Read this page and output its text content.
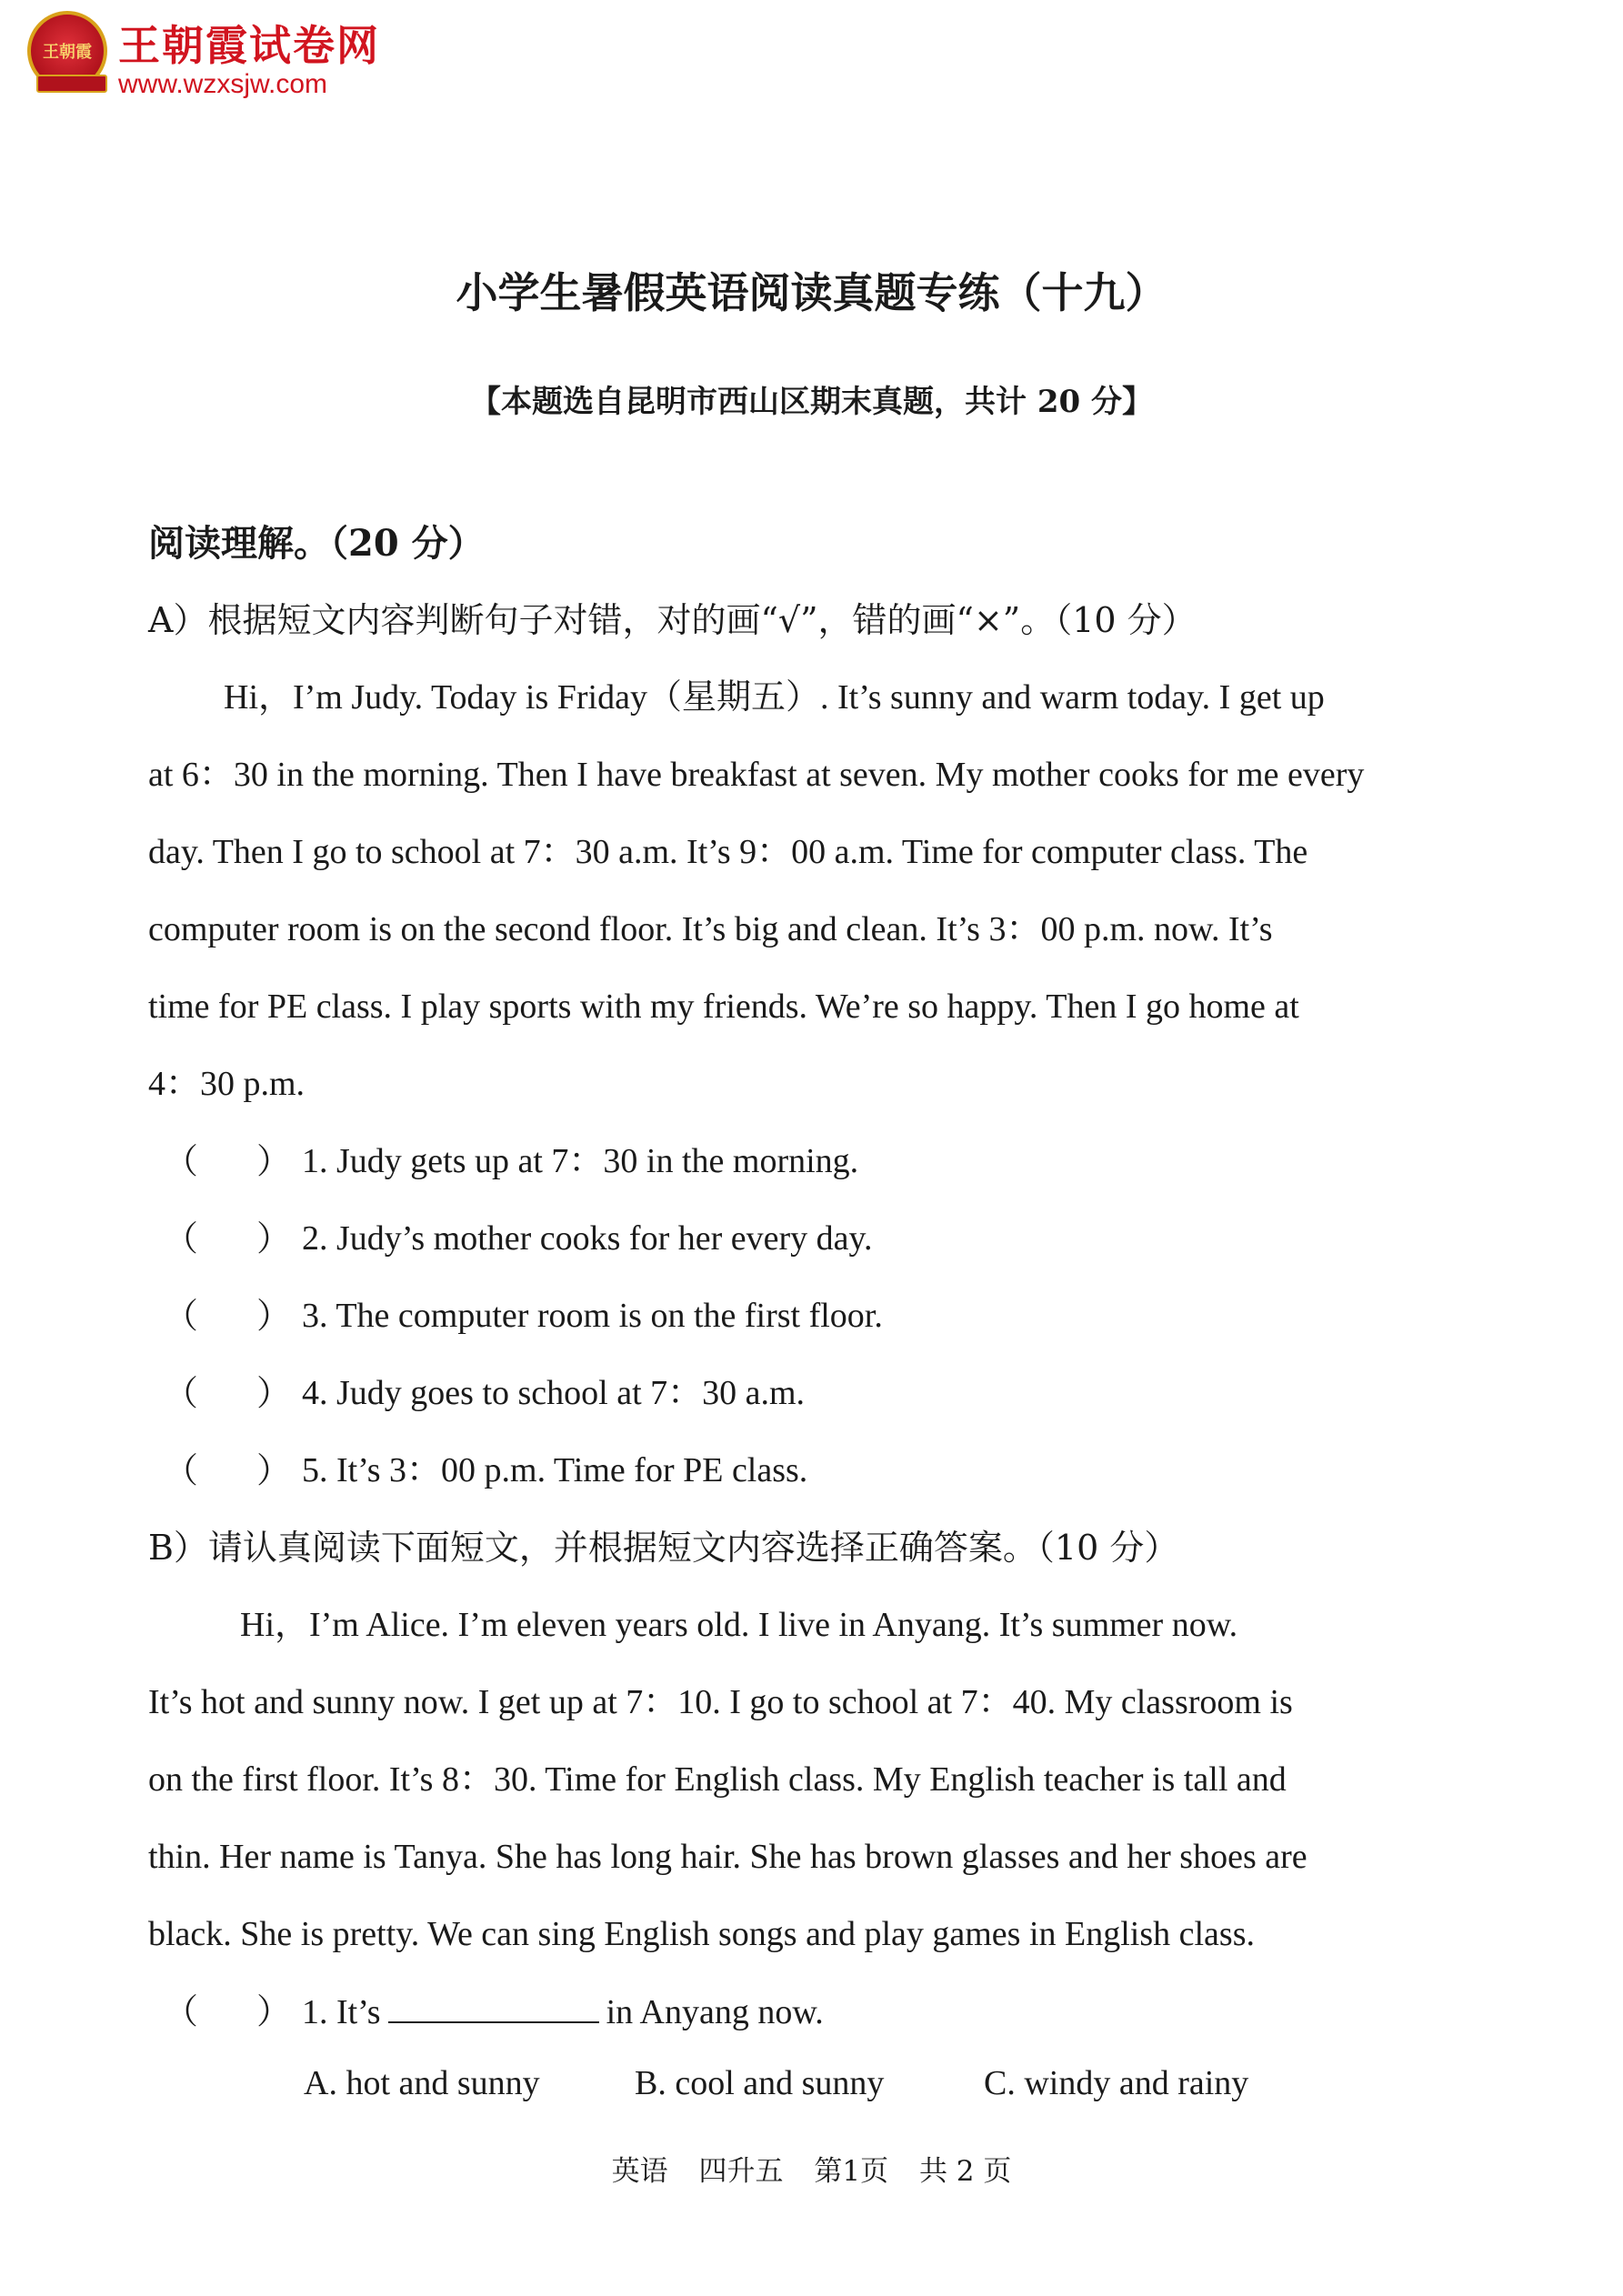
王朝霞 王朝霞试卷网
www.wzxsjw.com
小学生暑假英语阅读真题专练（十九）
【本题选自昆明市西山区期末真题，共计 20 分】
阅读理解。（20 分）
A）根据短文内容判断句子对错，对的画“√”，错的画“×”。（10 分）
Hi，I’m Judy. Today is Friday（星期五）. It’s sunny and warm today. I get up
at 6：30 in the morning. Then I have breakfast at seven. My mother cooks for me every
day. Then I go to school at 7：30 a.m. It’s 9：00 a.m. Time for computer class. The
computer room is on the second floor. It’s big and clean. It’s 3：00 p.m. now. It’s
time for PE class. I play sports with my friends. We’re so happy. Then I go home at
4：30 p.m.
（ ） 1. Judy gets up at 7：30 in the morning.
（ ） 2. Judy’s mother cooks for her every day.
（ ） 3. The computer room is on the first floor.
（ ） 4. Judy goes to school at 7：30 a.m.
（ ） 5. It’s 3：00 p.m. Time for PE class.
B）请认真阅读下面短文，并根据短文内容选择正确答案。（10 分）
Hi，I’m Alice. I’m eleven years old. I live in Anyang. It’s summer now.
It’s hot and sunny now. I get up at 7：10. I go to school at 7：40. My classroom is
on the first floor. It’s 8：30. Time for English class. My English teacher is tall and
thin. Her name is Tanya. She has long hair. She has brown glasses and her shoes are
black. She is pretty. We can sing English songs and play games in English class.
（ ） 1. It’s	in Anyang now.
A. hot and sunny	B. cool and sunny	C. windy and rainy
英语 四升五 第1页 共 2 页
